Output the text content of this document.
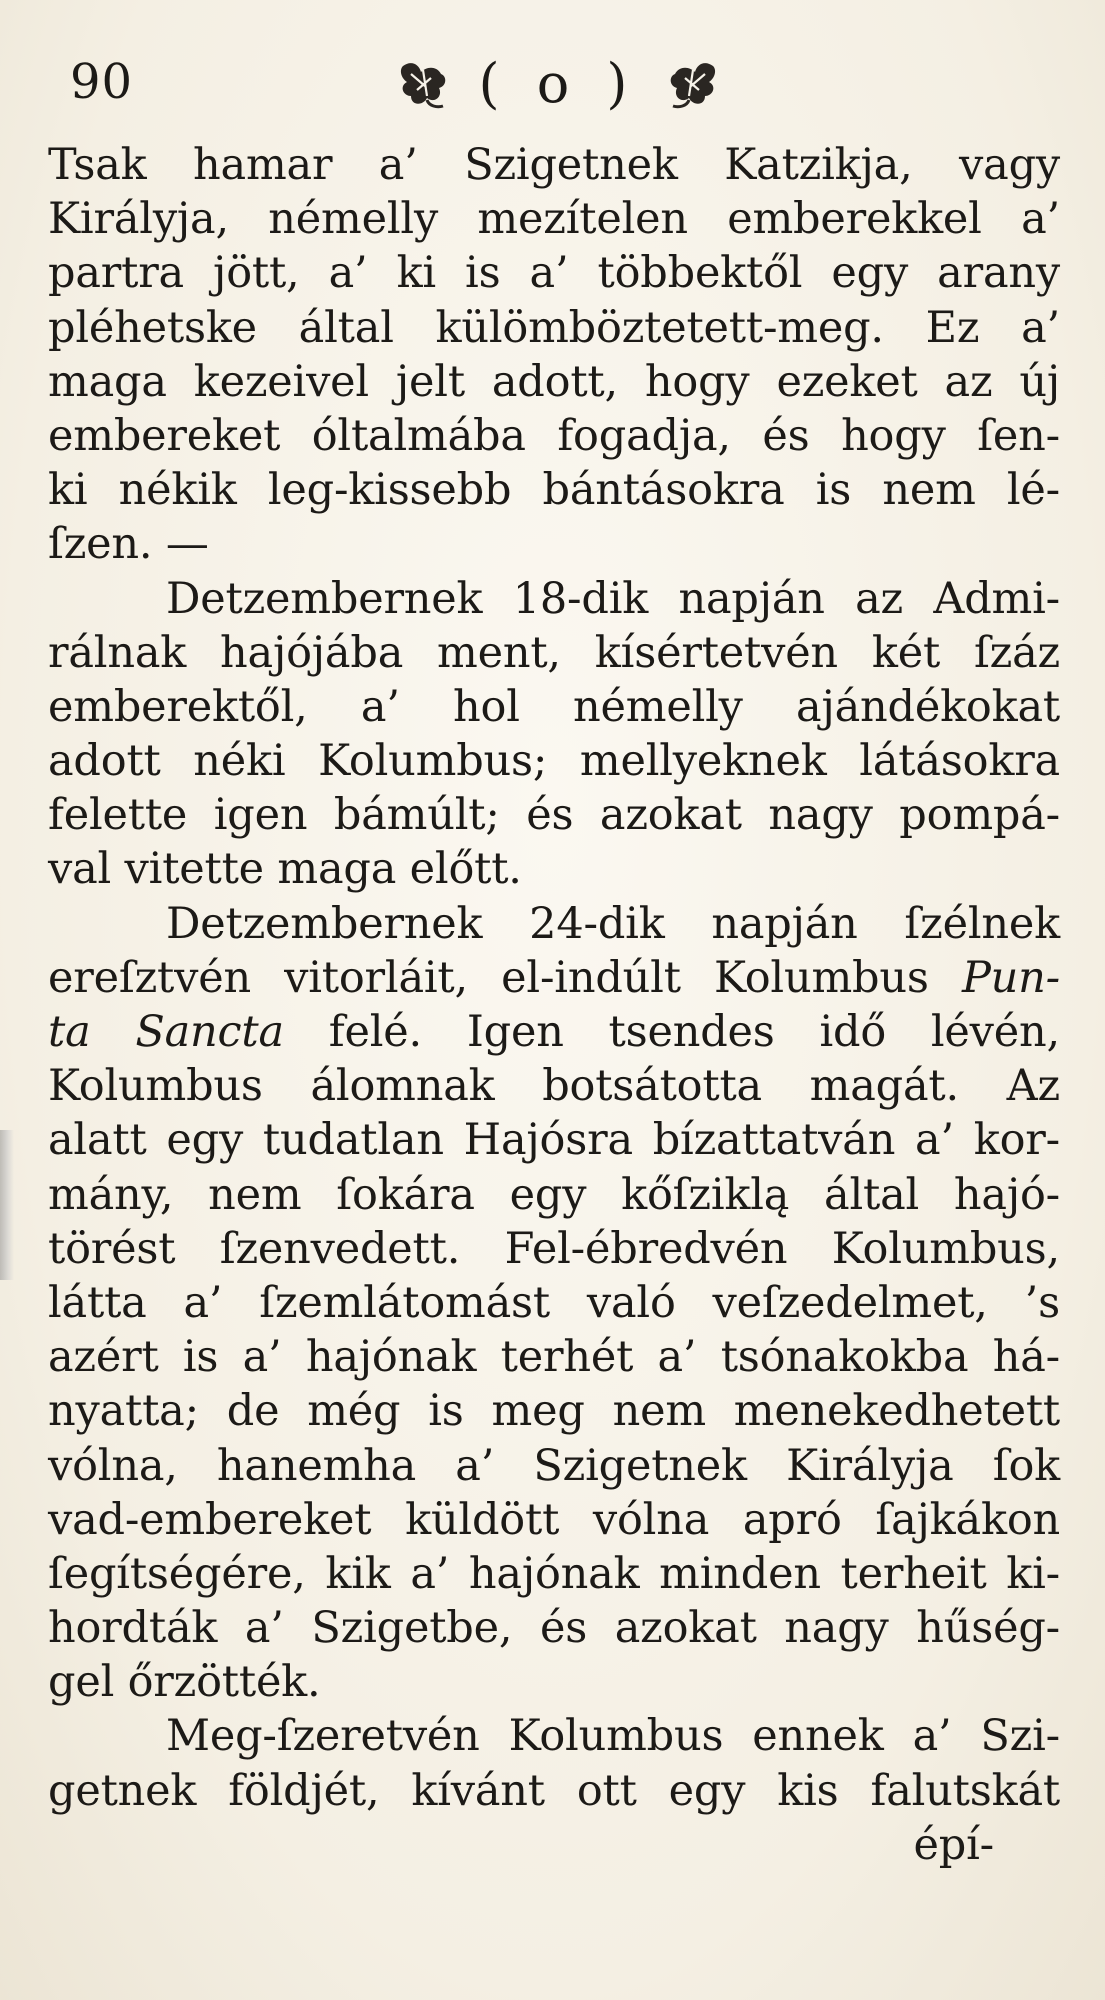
90	( o )
Tsak hamar a’ Szigetnek Katzikja, vagy
Királyja, némelly mezítelen emberekkel a’
partra jött, a’ ki is a’ többektől egy arany
pléhetske által külömböztetett-meg. Ez a’
maga kezeivel jelt adott, hogy ezeket az új
embereket óltalmába fogadja, és hogy ſen-
ki nékik leg-kissebb bántásokra is nem lé-
ſzen. —
Detzembernek 18-dik napján az Admi-
rálnak hajójába ment, kísértetvén két ſzáz
emberektől, a’ hol némelly ajándékokat
adott néki Kolumbus; mellyeknek látásokra
felette igen bámúlt; és azokat nagy pompá-
val vitette maga előtt.
Detzembernek 24-dik napján ſzélnek
ereſztvén vitorláit, el-indúlt Kolumbus Pun-
ta Sancta felé. Igen tsendes idő lévén,
Kolumbus álomnak botsátotta magát. Az
alatt egy tudatlan Hajósra bízattatván a’ kor-
mány, nem ſokára egy kőſziklą által hajó-
törést ſzenvedett. Fel-ébredvén Kolumbus,
látta a’ ſzemlátomást való veſzedelmet, ’s
azért is a’ hajónak terhét a’ tsónakokba há-
nyatta; de még is meg nem menekedhetett
vólna, hanemha a’ Szigetnek Királyja ſok
vad-embereket küldött vólna apró ſajkákon
ſegítségére, kik a’ hajónak minden terheit ki-
hordták a’ Szigetbe, és azokat nagy hűség-
gel őrzötték.
Meg-ſzeretvén Kolumbus ennek a’ Szi-
getnek földjét, kívánt ott egy kis falutskát
épí-
